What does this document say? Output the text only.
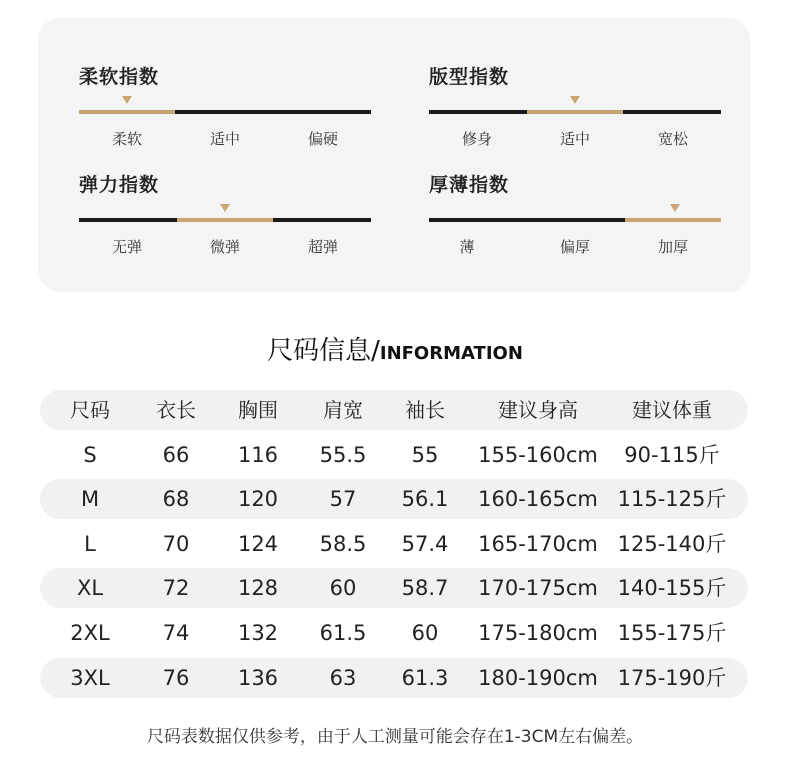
柔软指数
柔软	适中	偏硬
版型指数
修身	适中	宽松
弹力指数
无弹	微弹	超弹
厚薄指数
薄	偏厚	加厚
尺码信息/INFORMATION
尺码 衣长 胸围 肩宽 袖长	建议身高	建议体重
S	66 116 55.5 55 155-160cm 90-115斤
M	68 120 57 56.1 160-165cm 115-125斤
L	70 124 58.5 57.4 165-170cm 125-140斤
XL	72 128 60 58.7 170-175cm 140-155斤
2XL	74 132 61.5 60 175-180cm 155-175斤
3XL	76 136 63 61.3 180-190cm 175-190斤
尺码表数据仅供参考，由于人工测量可能会存在1-3CM左右偏差。
